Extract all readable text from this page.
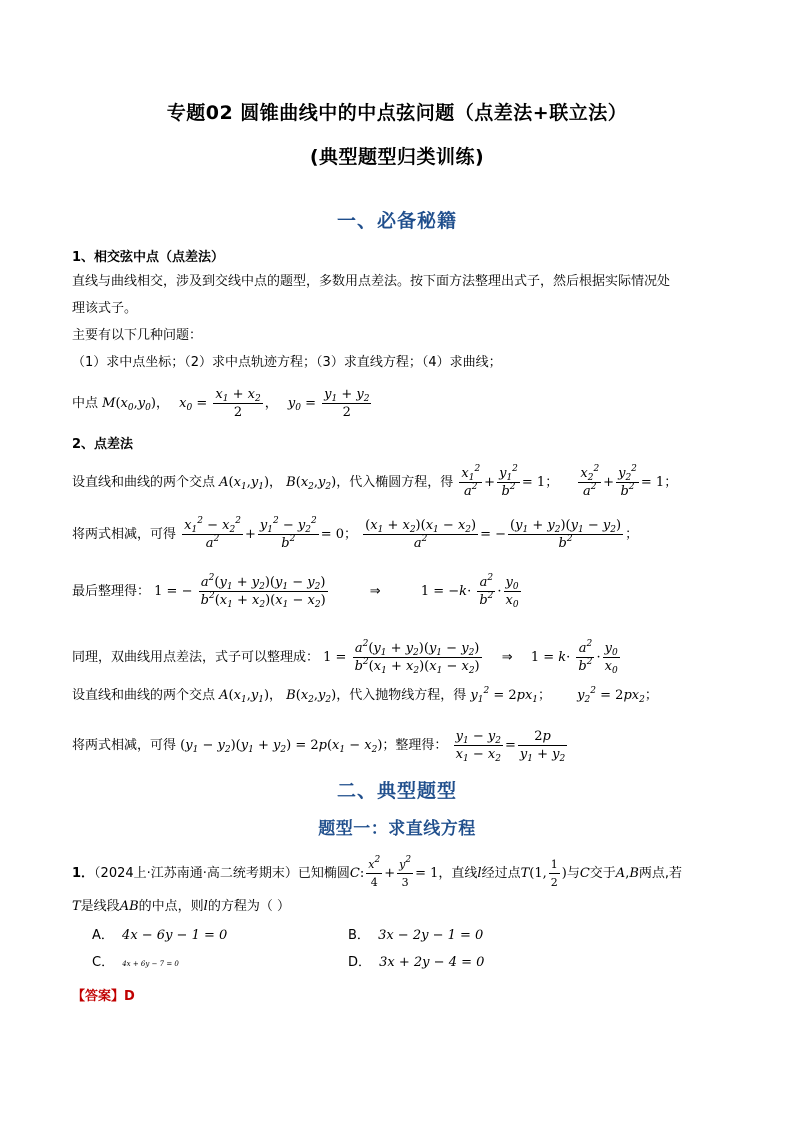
专题02 圆锥曲线中的中点弦问题（点差法+联立法）
(典型题型归类训练)
一、必备秘籍
1、相交弦中点（点差法）
直线与曲线相交，涉及到交线中点的题型，多数用点差法。按下面方法整理出式子，然后根据实际情况处
理该式子。
主要有以下几种问题：
（1）求中点坐标；（2）求中点轨迹方程；（3）求直线方程；（4）求曲线；
中点 $M(x_0,y_0)$， $x_0 = \frac{x_1 + x_2}{2}$ ， $y_0 = \frac{y_1 + y_2}{2}$
2、点差法
设直线和曲线的两个交点 $A(x_1,y_1)$， $B(x_2,y_2)$，代入椭圆方程，得 $\frac{x_1^2}{a^2} + \frac{y_1^2}{b^2} = 1$； $\frac{x_2^2}{a^2} + \frac{y_2^2}{b^2} = 1$；
将两式相减，可得 $\frac{x_1^2 - x_2^2}{a^2} + \frac{y_1^2 - y_2^2}{b^2} = 0$； $\frac{(x_1 + x_2)(x_1 - x_2)}{a^2}$ = − $\frac{(y_1 + y_2)(y_1 - y_2)}{b^2}$ ；
最后整理得： 1 = − $\frac{a^2(y_1 + y_2)(y_1 - y_2)}{b^2(x_1 + x_2)(x_1 - x_2)}$	⇒	$1 = -k\cdot \frac{a^2}{b^2} \cdot \frac{y_0}{x_0}$
同理，双曲线用点差法，式子可以整理成： $1 = \frac{a^2(y_1 + y_2)(y_1 - y_2)}{b^2(x_1 + x_2)(x_1 - x_2)}$ ⇒ $1 = k\cdot \frac{a^2}{b^2} \cdot \frac{y_0}{x_0}$
设直线和曲线的两个交点 $A(x_1,y_1)$， $B(x_2,y_2)$，代入抛物线方程，得 $y_1^2 = 2px_1$； $y_2^2 = 2px_2$；
将两式相减，可得 $(y_1 - y_2)(y_1 + y_2) = 2p(x_1 - x_2)$；整理得： $\frac{y_1 - y_2}{x_1 - x_2} = \frac{2p}{y_1 + y_2}$
二、典型题型
题型一：求直线方程
1．（2024上·江苏南通·高二统考期末）已知椭圆C: $\frac{x^2}{4} + \frac{y^2}{3} = 1$，直线l经过点T(1, $\frac{1}{2}$ )与C交于A,B两点,若
T是线段AB的中点，则l的方程为（ ）
A． 4x − 6y − 1 = 0	B． 3x − 2y − 1 = 0
C． 4x + 6y − 7 = 0	D． 3x + 2y − 4 = 0
【答案】D
